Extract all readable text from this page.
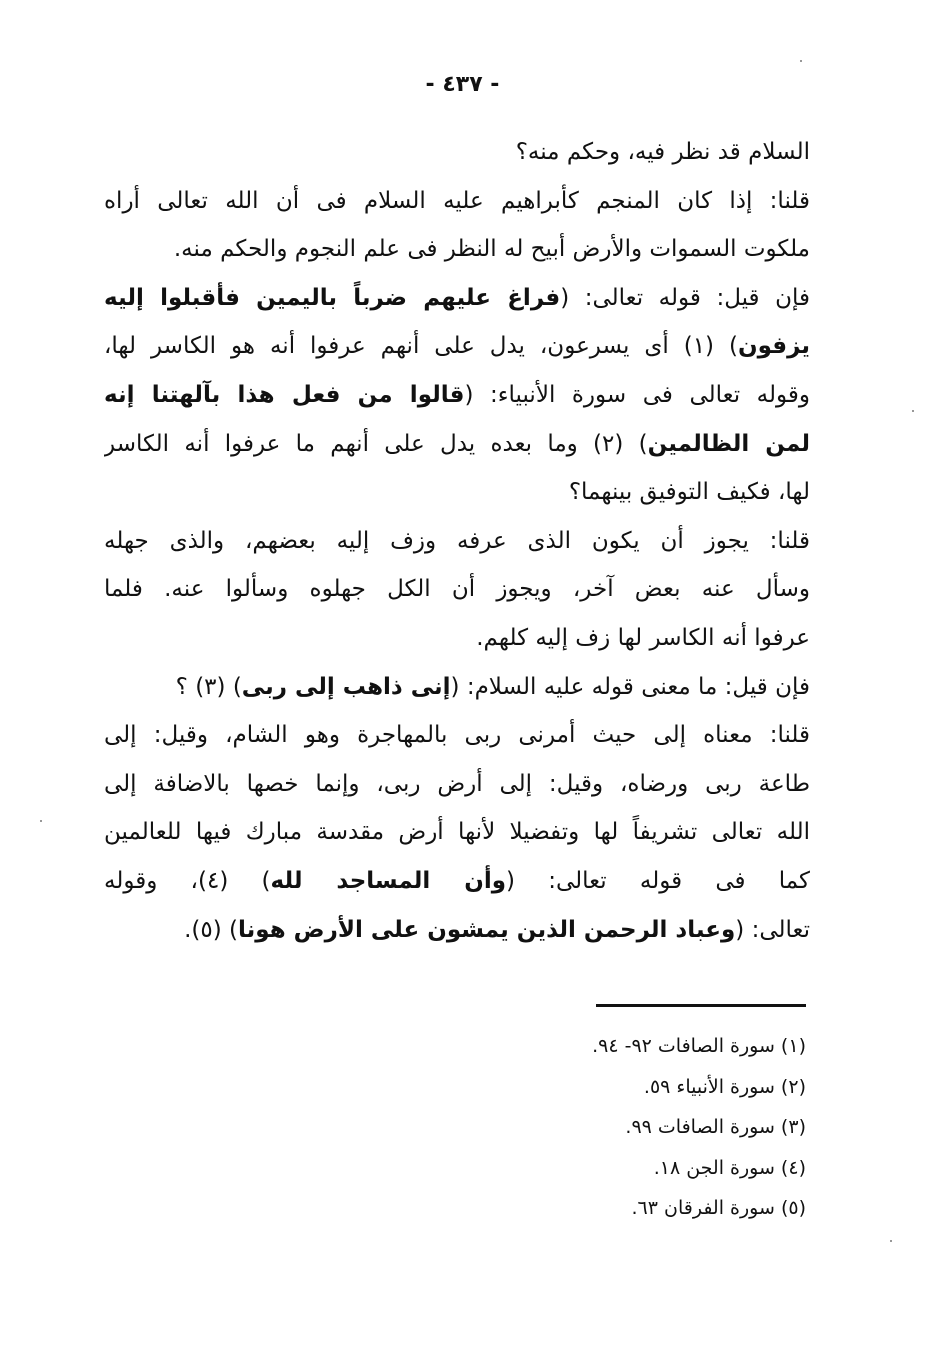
- ٤٣٧ -
السلام قد نظر فيه، وحكم منه؟
قلنا: إذا كان المنجم كأبراهيم عليه السلام فى أن الله تعالى أراه
ملكوت السموات والأرض أبيح له النظر فى علم النجوم والحكم منه.
فإن قيل: قوله تعالى: (فراغ عليهم ضرباً باليمين فأقبلوا إليه
يزفون) (١) أى يسرعون، يدل على أنهم عرفوا أنه هو الكاسر لها،
وقوله تعالى فى سورة الأنبياء: (قالوا من فعل هذا بآلهتنا إنه
لمن الظالمين) (٢) وما بعده يدل على أنهم ما عرفوا أنه الكاسر
لها، فكيف التوفيق بينهما؟
قلنا: يجوز أن يكون الذى عرفه وزف إليه بعضهم، والذى جهله
وسأل عنه بعض آخر، ويجوز أن الكل جهلوه وسألوا عنه. فلما
عرفوا أنه الكاسر لها زف إليه كلهم.
فإن قيل: ما معنى قوله عليه السلام: (إنى ذاهب إلى ربى) (٣) ؟
قلنا: معناه إلى حيث أمرنى ربى بالمهاجرة وهو الشام، وقيل: إلى
طاعة ربى ورضاه، وقيل: إلى أرض ربى، وإنما خصها بالاضافة إلى
الله تعالى تشريفاً لها وتفضيلا لأنها أرض مقدسة مبارك فيها للعالمين
كما فى قوله تعالى: (وأن المساجد لله) (٤)، وقوله
تعالى: (وعباد الرحمن الذين يمشون على الأرض هونا) (٥).
(١) سورة الصافات ٩٢- ٩٤.
(٢) سورة الأنبياء ٥٩.
(٣) سورة الصافات ٩٩.
(٤) سورة الجن ١٨.
(٥) سورة الفرقان ٦٣.
